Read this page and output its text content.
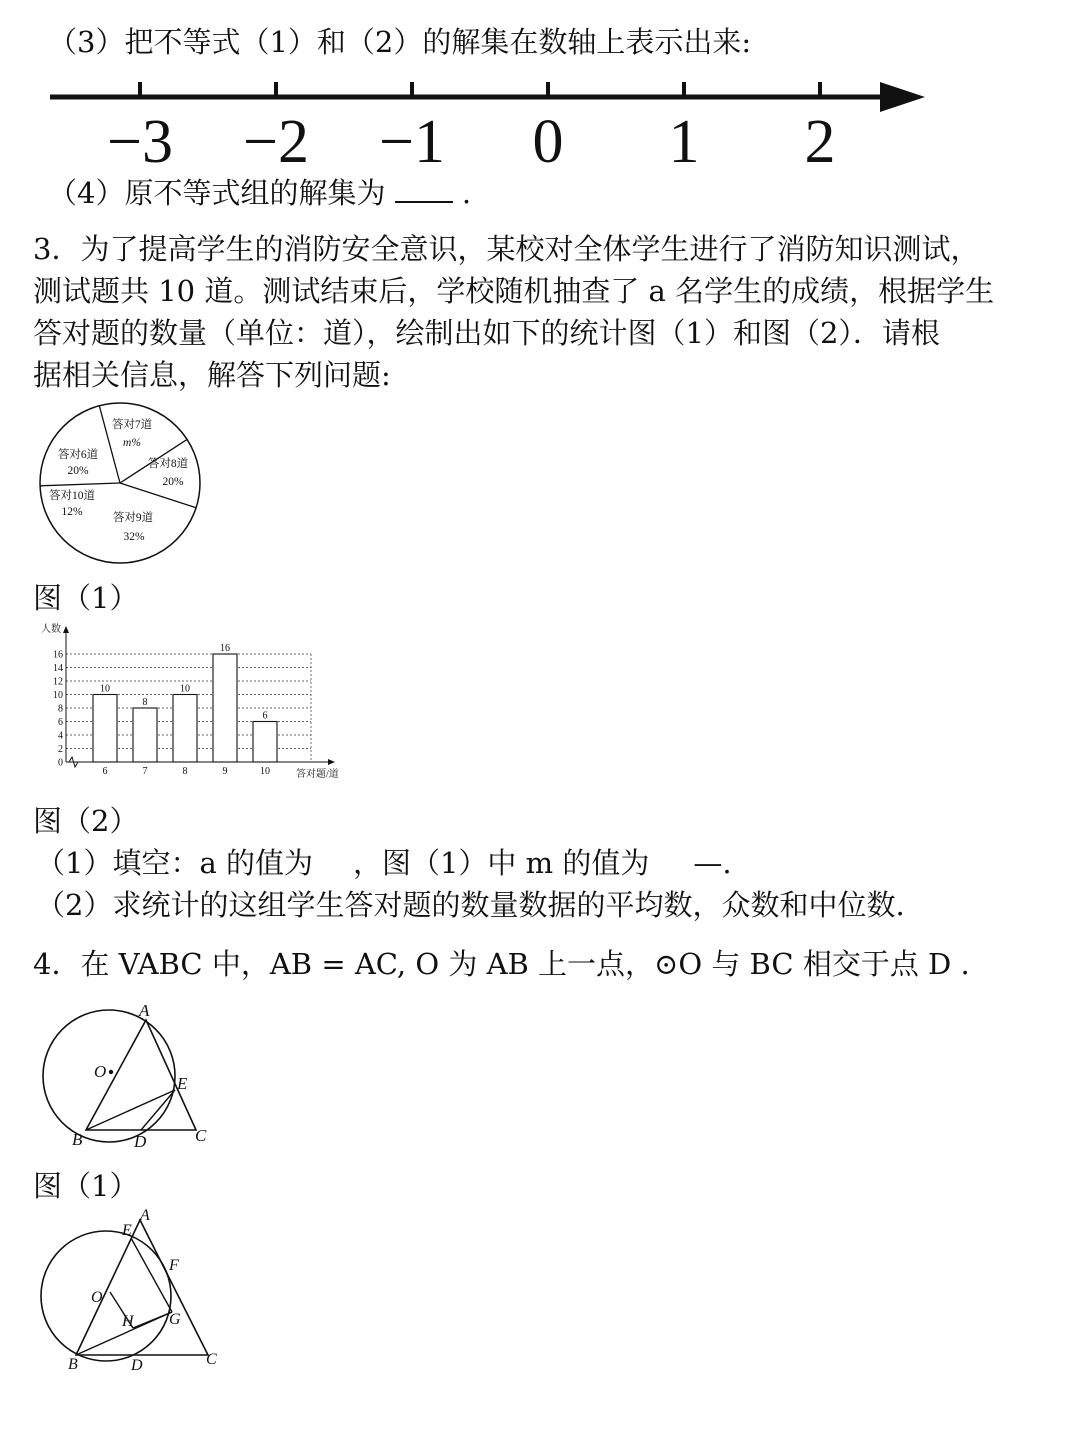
（3）把不等式（1）和（2）的解集在数轴上表示出来:
−3 −2 −1 0 1 2
（4）原不等式组的解集为	.
3．为了提高学生的消防安全意识，某校对全体学生进行了消防知识测试，
测试题共 10 道。测试结束后，学校随机抽查了 a 名学生的成绩，根据学生
答对题的数量（单位：道），绘制出如下的统计图（1）和图（2）．请根
据相关信息，解答下列问题:
答对7道
m%
答对8道
20%
答对9道
32%
答对10道
12%
答对6道
20%
图（1）
0
2
4
6
8
10
12
14
16
人数
答对题/道
10
6
8
7
10
8
16
9
6
10
图（2）
（1）填空：a 的值为 ，图（1）中 m 的值为 —.
（2）求统计的这组学生答对题的数量数据的平均数，众数和中位数.
4．在 VABC 中，AB = AC, O 为 AB 上一点，⊙O 与 BC 相交于点 D .
A
O
E
B	D	C
图（1）
A
E
F
O
H G
B	D	C
